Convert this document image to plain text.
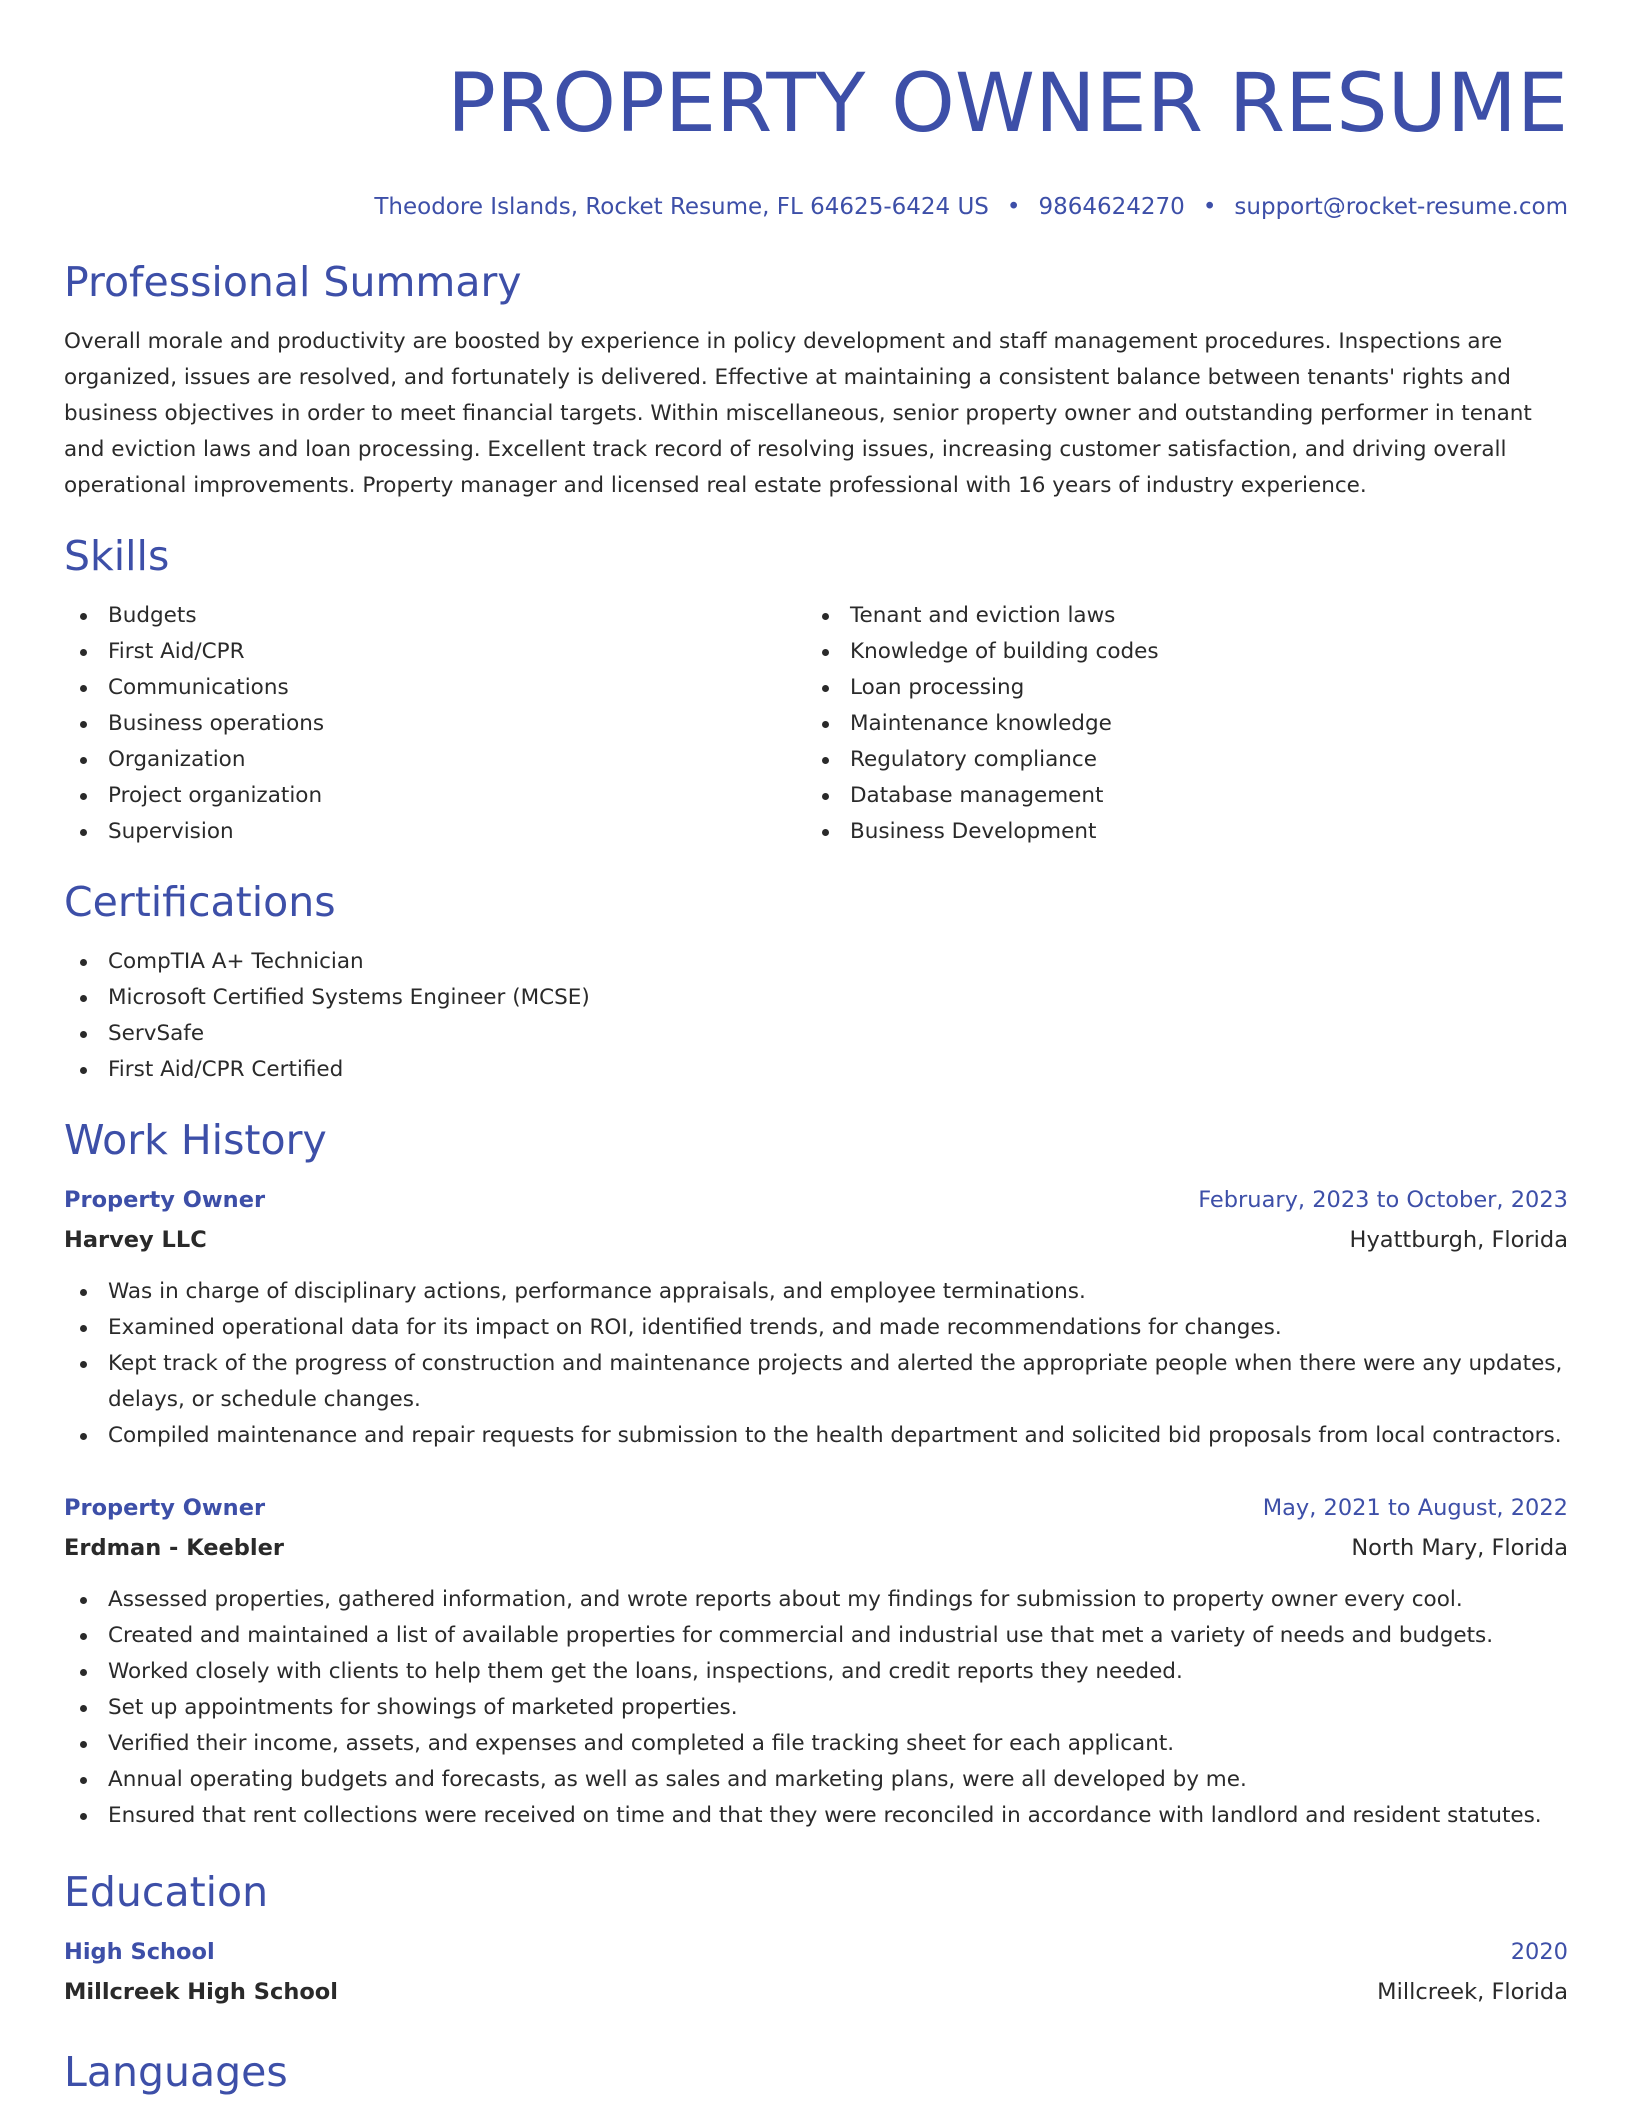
PROPERTY OWNER RESUME
Theodore Islands, Rocket Resume, FL 64625-6424 US • 9864624270 • support@rocket-resume.com
Professional Summary

Overall morale and productivity are boosted by experience in policy development and staff management procedures. Inspections are organized, issues are resolved, and fortunately is delivered. Effective at maintaining a consistent balance between tenants' rights and business objectives in order to meet financial targets. Within miscellaneous, senior property owner and outstanding performer in tenant and eviction laws and loan processing. Excellent track record of resolving issues, increasing customer satisfaction, and driving overall operational improvements. Property manager and licensed real estate professional with 16 years of industry experience.

Skills
Budgets
First Aid/CPR
Communications
Business operations
Organization
Project organization
Supervision
Tenant and eviction laws
Knowledge of building codes
Loan processing
Maintenance knowledge
Regulatory compliance
Database management
Business Development
Certifications
CompTIA A+ Technician
Microsoft Certified Systems Engineer (MCSE)
ServSafe
First Aid/CPR Certified
Work History
Property Owner	February, 2023 to October, 2023
Harvey LLC	Hyattburgh, Florida
Was in charge of disciplinary actions, performance appraisals, and employee terminations.
Examined operational data for its impact on ROI, identified trends, and made recommendations for changes.
Kept track of the progress of construction and maintenance projects and alerted the appropriate people when there were any updates, delays, or schedule changes.
Compiled maintenance and repair requests for submission to the health department and solicited bid proposals from local contractors.
Property Owner	May, 2021 to August, 2022
Erdman - Keebler	North Mary, Florida
Assessed properties, gathered information, and wrote reports about my findings for submission to property owner every cool.
Created and maintained a list of available properties for commercial and industrial use that met a variety of needs and budgets.
Worked closely with clients to help them get the loans, inspections, and credit reports they needed.
Set up appointments for showings of marketed properties.
Verified their income, assets, and expenses and completed a file tracking sheet for each applicant.
Annual operating budgets and forecasts, as well as sales and marketing plans, were all developed by me.
Ensured that rent collections were received on time and that they were reconciled in accordance with landlord and resident statutes.
Education
High School	2020
Millcreek High School	Millcreek, Florida
Languages
